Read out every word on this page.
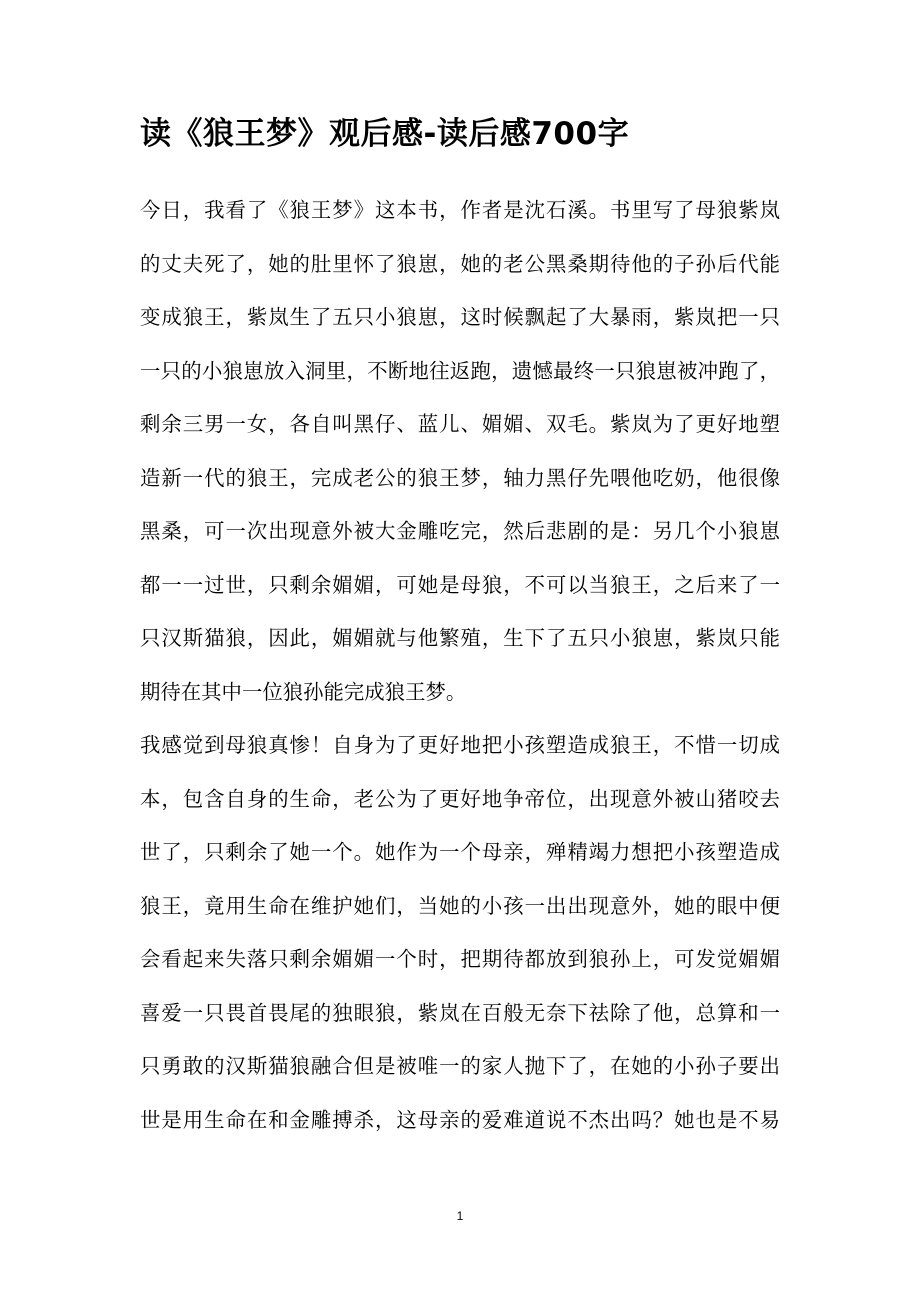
读《狼王梦》观后感-读后感700字
今日，我看了《狼王梦》这本书，作者是沈石溪。书里写了母狼紫岚
的丈夫死了，她的肚里怀了狼崽，她的老公黑桑期待他的子孙后代能
变成狼王，紫岚生了五只小狼崽，这时候飘起了大暴雨，紫岚把一只
一只的小狼崽放入洞里，不断地往返跑，遗憾最终一只狼崽被冲跑了，
剩余三男一女，各自叫黑仔、蓝儿、媚媚、双毛。紫岚为了更好地塑
造新一代的狼王，完成老公的狼王梦，轴力黑仔先喂他吃奶，他很像
黑桑，可一次出现意外被大金雕吃完，然后悲剧的是：另几个小狼崽
都一一过世，只剩余媚媚，可她是母狼，不可以当狼王，之后来了一
只汉斯猫狼，因此，媚媚就与他繁殖，生下了五只小狼崽，紫岚只能
期待在其中一位狼孙能完成狼王梦。
我感觉到母狼真惨！自身为了更好地把小孩塑造成狼王，不惜一切成
本，包含自身的生命，老公为了更好地争帝位，出现意外被山猪咬去
世了，只剩余了她一个。她作为一个母亲，殚精竭力想把小孩塑造成
狼王，竟用生命在维护她们，当她的小孩一出出现意外，她的眼中便
会看起来失落只剩余媚媚一个时，把期待都放到狼孙上，可发觉媚媚
喜爱一只畏首畏尾的独眼狼，紫岚在百般无奈下祛除了他，总算和一
只勇敢的汉斯猫狼融合但是被唯一的家人抛下了，在她的小孙子要出
世是用生命在和金雕搏杀，这母亲的爱难道说不杰出吗？她也是不易
1
